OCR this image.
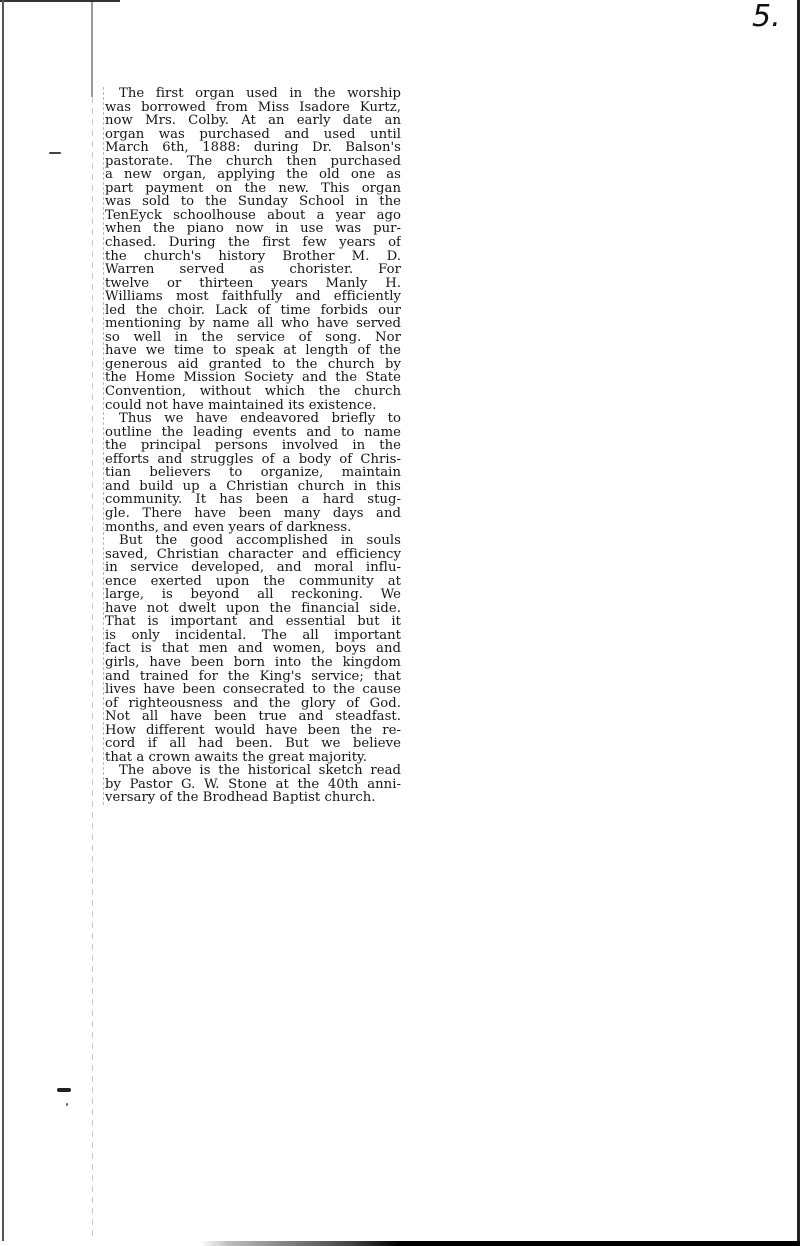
5.
The first organ used in the worship
was borrowed from Miss Isadore Kurtz,
now Mrs. Colby. At an early date an
organ was purchased and used until
March 6th, 1888: during Dr. Balson's
pastorate. The church then purchased
a new organ, applying the old one as
part payment on the new. This organ
was sold to the Sunday School in the
TenEyck schoolhouse about a year ago
when the piano now in use was pur-
chased. During the first few years of
the church's history Brother M. D.
Warren served as chorister. For
twelve or thirteen years Manly H.
Williams most faithfully and efficiently
led the choir. Lack of time forbids our
mentioning by name all who have served
so well in the service of song. Nor
have we time to speak at length of the
generous aid granted to the church by
the Home Mission Society and the State
Convention, without which the church
could not have maintained its existence.
Thus we have endeavored briefly to
outline the leading events and to name
the principal persons involved in the
efforts and struggles of a body of Chris-
tian believers to organize, maintain
and build up a Christian church in this
community. It has been a hard stug-
gle. There have been many days and
months, and even years of darkness.
But the good accomplished in souls
saved, Christian character and efficiency
in service developed, and moral influ-
ence exerted upon the community at
large, is beyond all reckoning. We
have not dwelt upon the financial side.
That is important and essential but it
is only incidental. The all important
fact is that men and women, boys and
girls, have been born into the kingdom
and trained for the King's service; that
lives have been consecrated to the cause
of righteousness and the glory of God.
Not all have been true and steadfast.
How different would have been the re-
cord if all had been. But we believe
that a crown awaits the great majority.
The above is the historical sketch read
by Pastor G. W. Stone at the 40th anni-
versary of the Brodhead Baptist church.
